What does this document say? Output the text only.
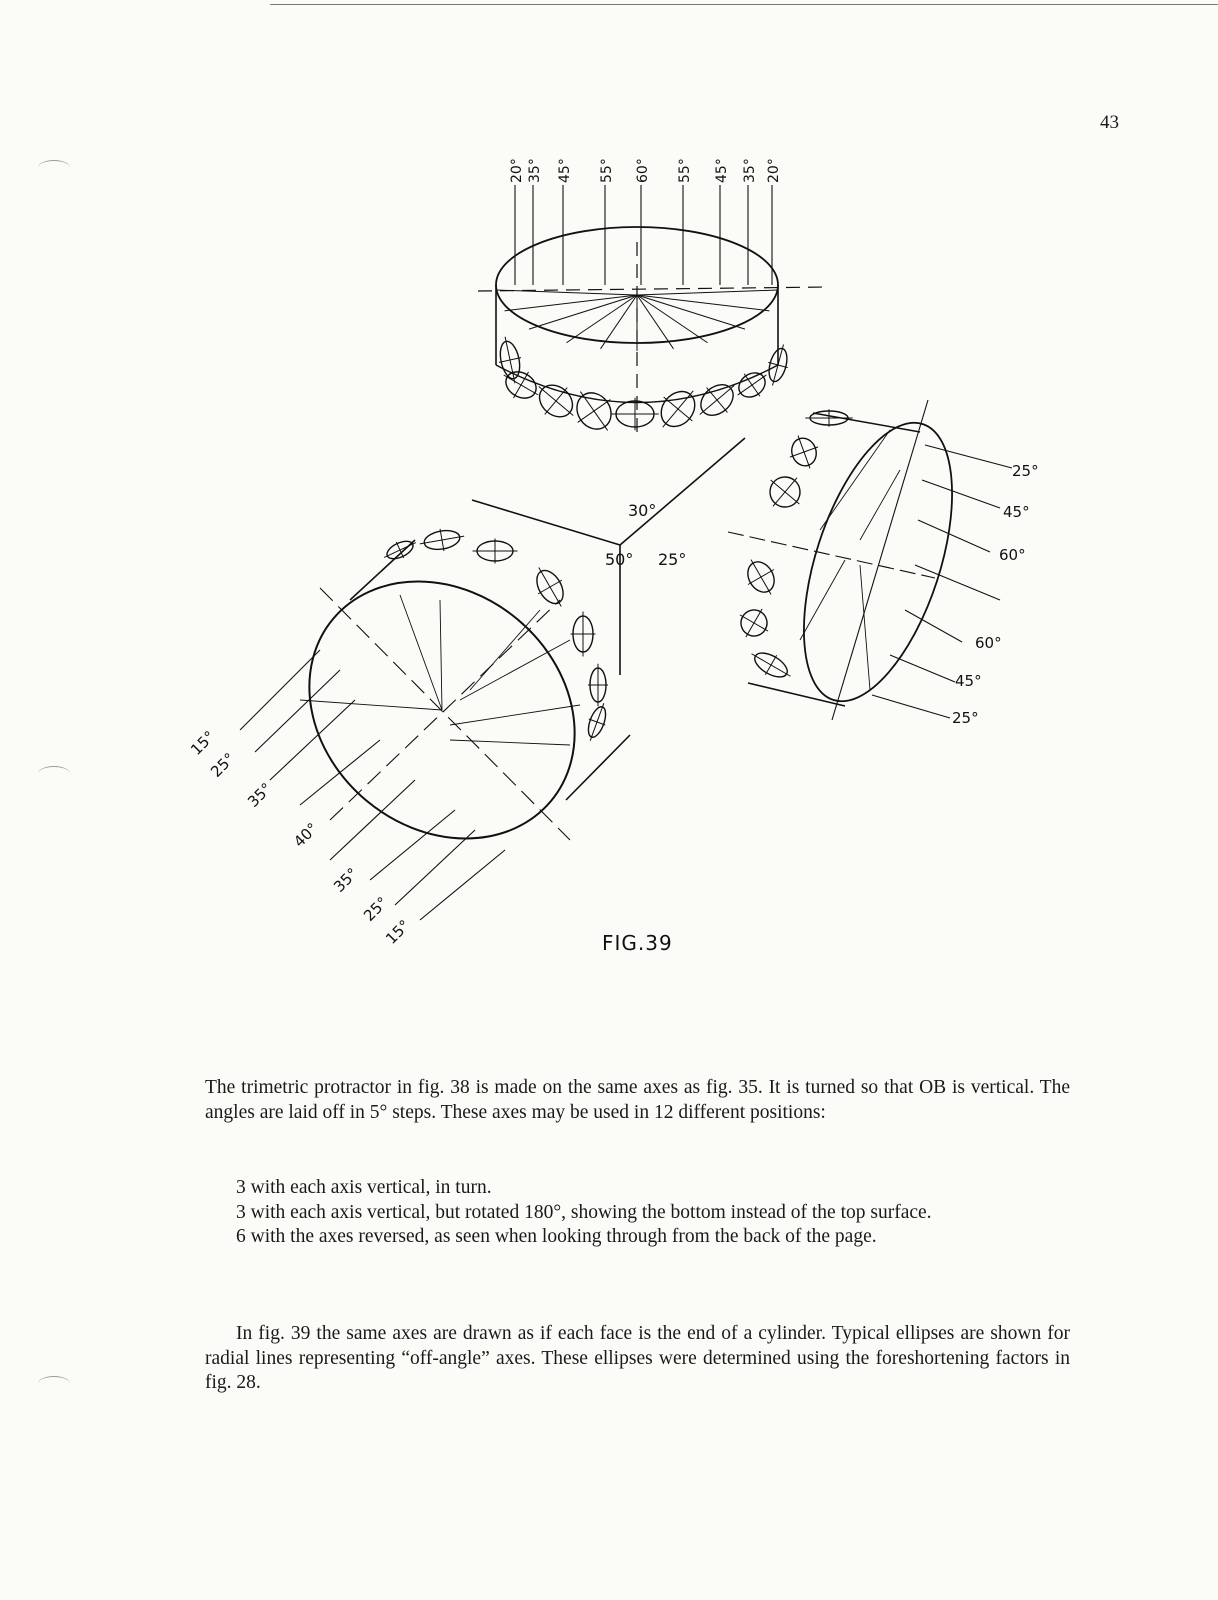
43
20° 35° 45° 55° 60° 55° 45° 35° 20°
25°
45°
60°
60°
45°
25°
15°
25°
35°
40°
35°
25°
15°
30°
50° 25°
FIG.39
The trimetric protractor in fig. 38 is made on the same axes as fig. 35. It is turned so that OB is vertical. The angles are laid off in 5° steps. These axes may be used in 12 different positions:
3 with each axis vertical, in turn.
3 with each axis vertical, but rotated 180°, showing the bottom instead of the top surface.
6 with the axes reversed, as seen when looking through from the back of the page.
In fig. 39 the same axes are drawn as if each face is the end of a cylinder. Typical ellipses are shown for radial lines representing “off-angle” axes. These ellipses were determined using the foreshortening factors in fig. 28.
